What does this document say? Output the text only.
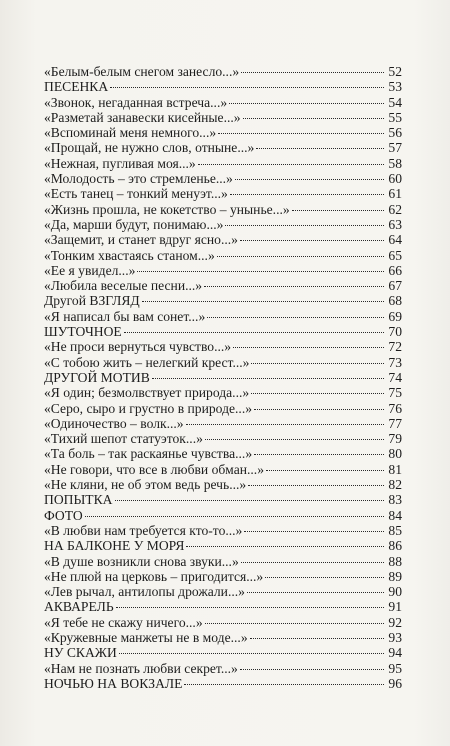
«Белым-белым снегом занесло...»	52
ПЕСЕНКА	53
«Звонок, негаданная встреча...»	54
«Разметай занавески кисейные...»	55
«Вспоминай меня немного...»	56
«Прощай, не нужно слов, отныне...»	57
«Нежная, пугливая моя...»	58
«Молодость – это стремленье...»	60
«Есть танец – тонкий менуэт...»	61
«Жизнь прошла, не кокетство – унынье...»	62
«Да, марши будут, понимаю...»	63
«Защемит, и станет вдруг ясно...»	64
«Тонким хвастаясь станом...»	65
«Ее я увидел...»	66
«Любила веселые песни...»	67
Другой ВЗГЛЯД	68
«Я написал бы вам сонет...»	69
ШУТОЧНОЕ	70
«Не проси вернуться чувство...»	72
«С тобою жить – нелегкий крест...»	73
ДРУГОЙ МОТИВ	74
«Я один; безмолвствует природа...»	75
«Серо, сыро и грустно в природе...»	76
«Одиночество – волк...»	77
«Тихий шепот статуэток...»	79
«Та боль – так раскаянье чувства...»	80
«Не говори, что все в любви обман...»	81
«Не кляни, не об этом ведь речь...»	82
ПОПЫТКА	83
ФОТО	84
«В любви нам требуется кто-то...»	85
НА БАЛКОНЕ У МОРЯ	86
«В душе возникли снова звуки...»	88
«Не плюй на церковь – пригодится...»	89
«Лев рычал, антилопы дрожали...»	90
АКВАРЕЛЬ	91
«Я тебе не скажу ничего...»	92
«Кружевные манжеты не в моде...»	93
НУ СКАЖИ	94
«Нам не познать любви секрет...»	95
НОЧЬЮ НА ВОКЗАЛЕ	96
